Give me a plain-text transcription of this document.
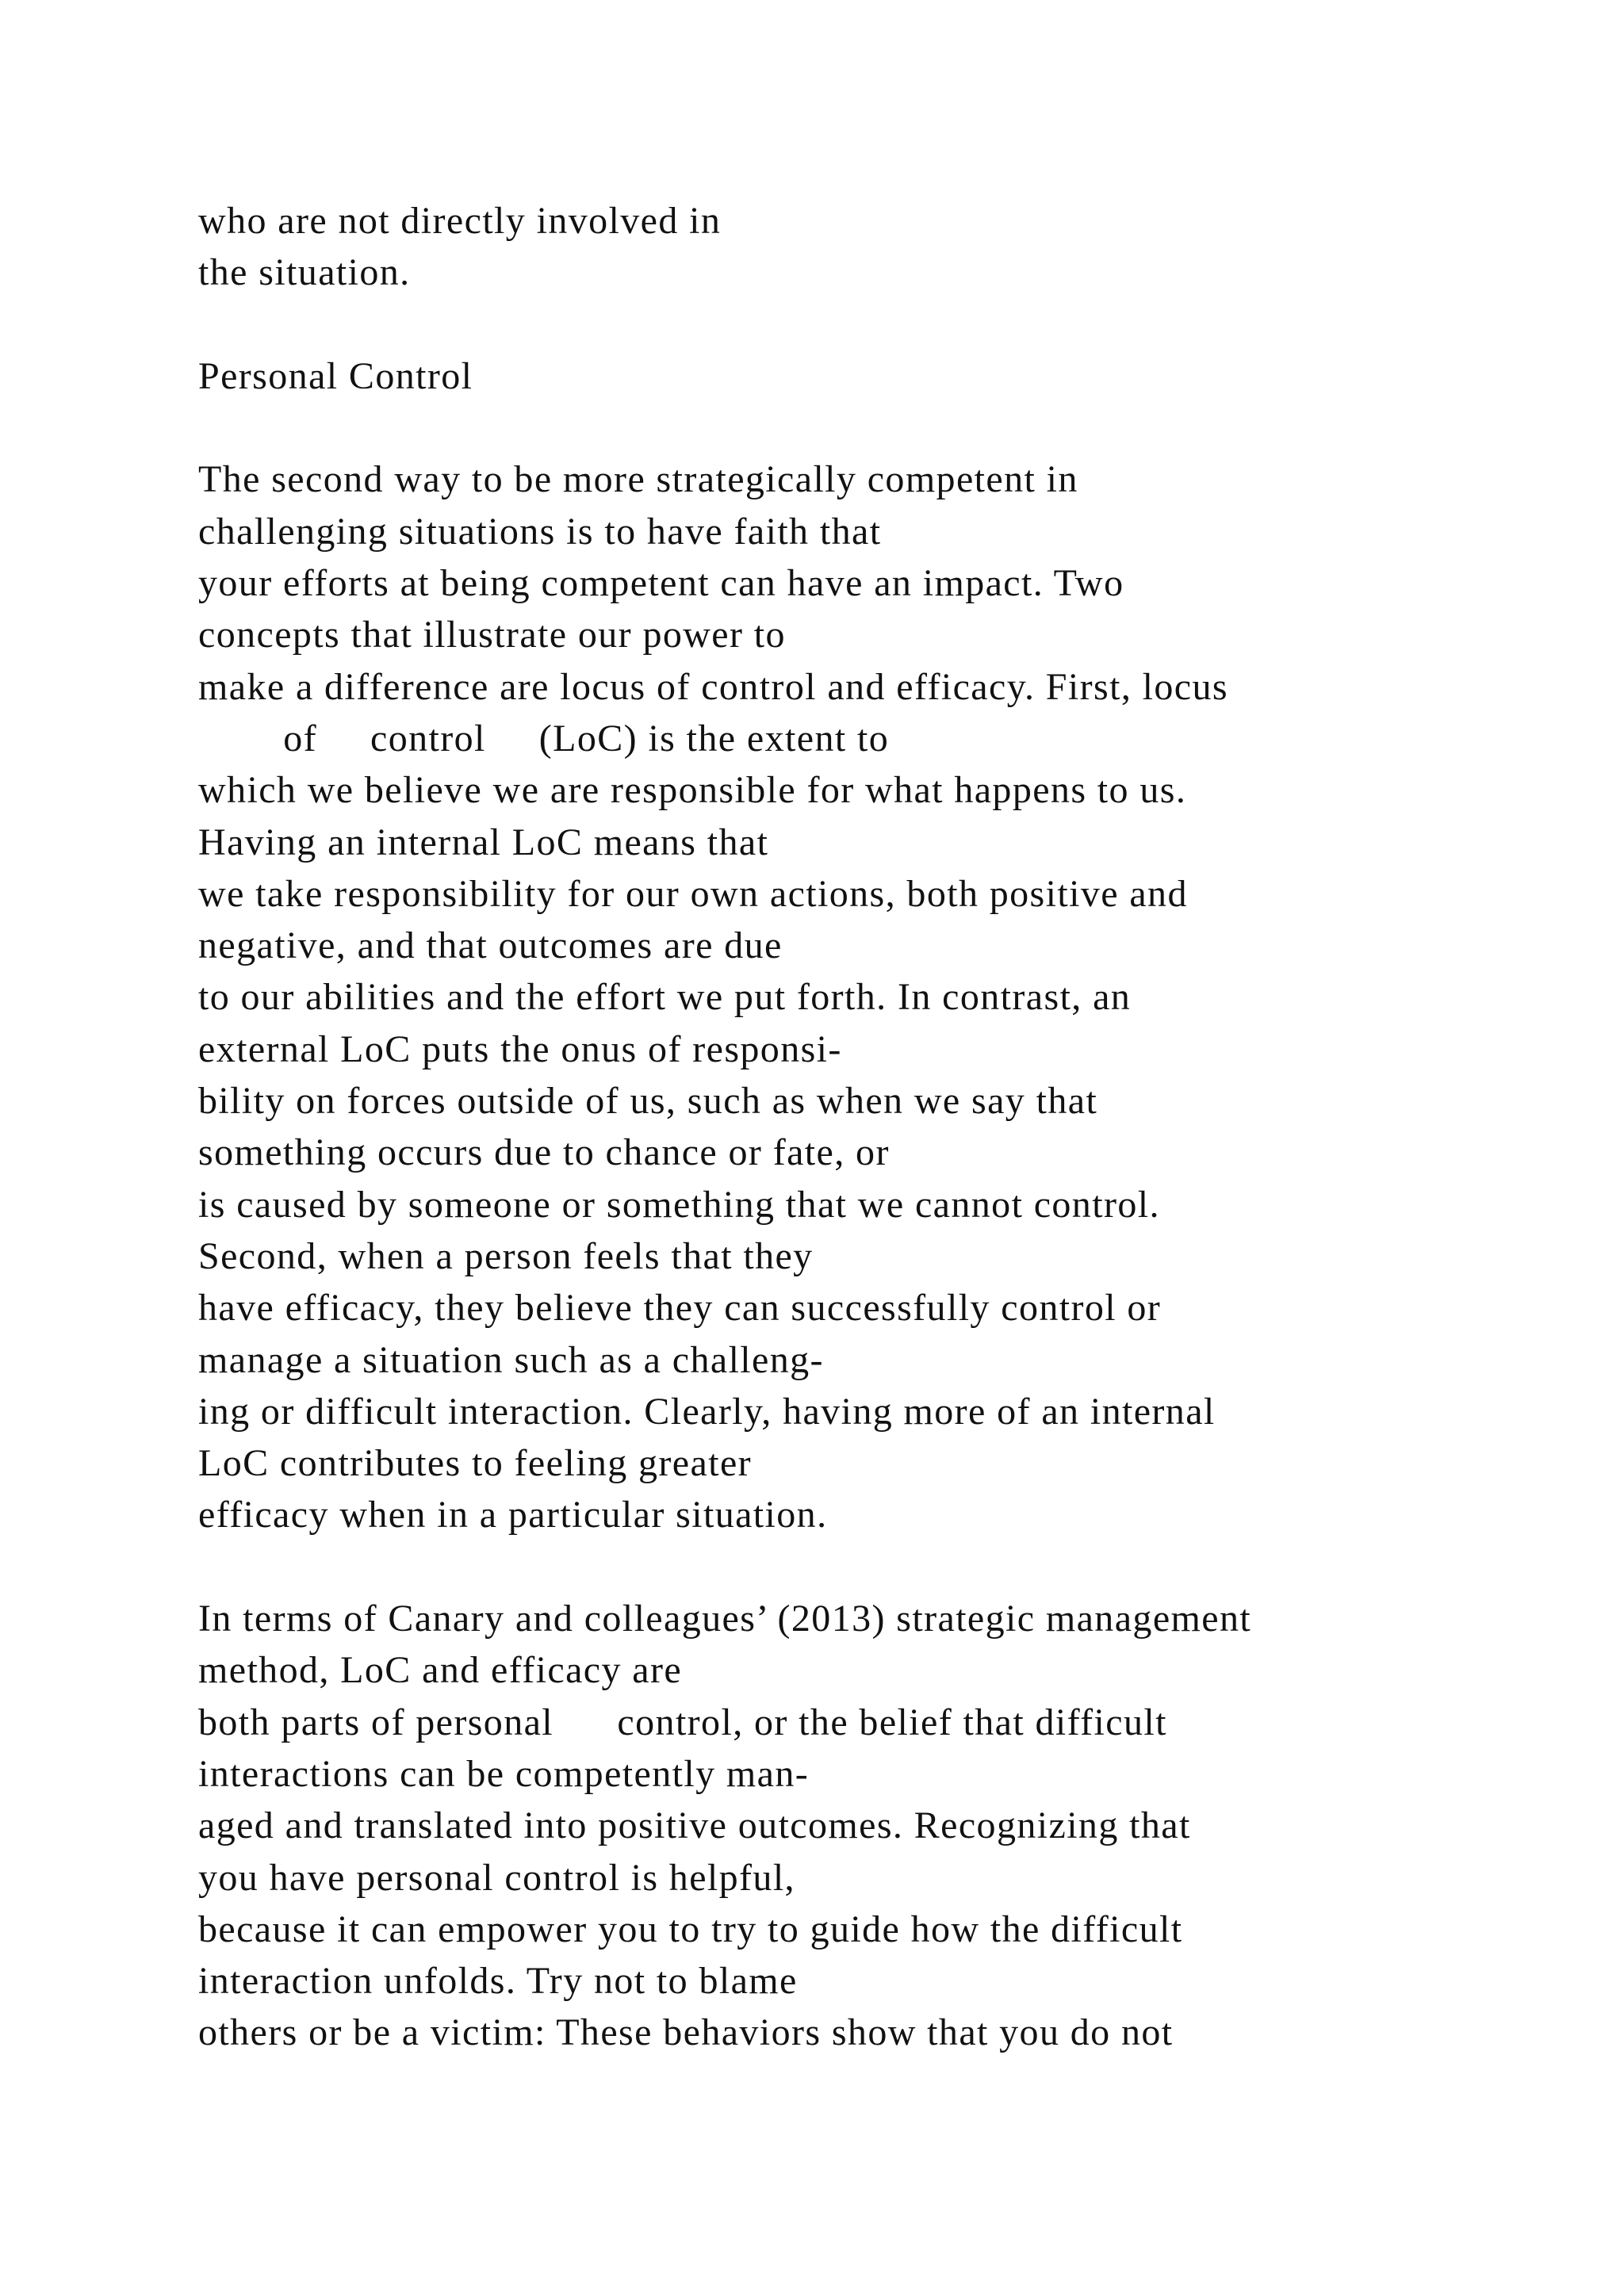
who are not directly involved in
the situation.
Personal Control
The second way to be more strategically competent in
challenging situations is to have faith that
your efforts at being competent can have an impact. Two
concepts that illustrate our power to
make a difference are locus of control and efficacy. First, locus
of     control     (LoC) is the extent to
which we believe we are responsible for what happens to us.
Having an internal LoC means that
we take responsibility for our own actions, both positive and
negative, and that outcomes are due
to our abilities and the effort we put forth. In contrast, an
external LoC puts the onus of responsi-
bility on forces outside of us, such as when we say that
something occurs due to chance or fate, or
is caused by someone or something that we cannot control.
Second, when a person feels that they
have efficacy, they believe they can successfully control or
manage a situation such as a challeng-
ing or difficult interaction. Clearly, having more of an internal
LoC contributes to feeling greater
efficacy when in a particular situation.
In terms of Canary and colleagues’ (2013) strategic management
method, LoC and efficacy are
both parts of personal      control, or the belief that difficult
interactions can be competently man-
aged and translated into positive outcomes. Recognizing that
you have personal control is helpful,
because it can empower you to try to guide how the difficult
interaction unfolds. Try not to blame
others or be a victim: These behaviors show that you do not
